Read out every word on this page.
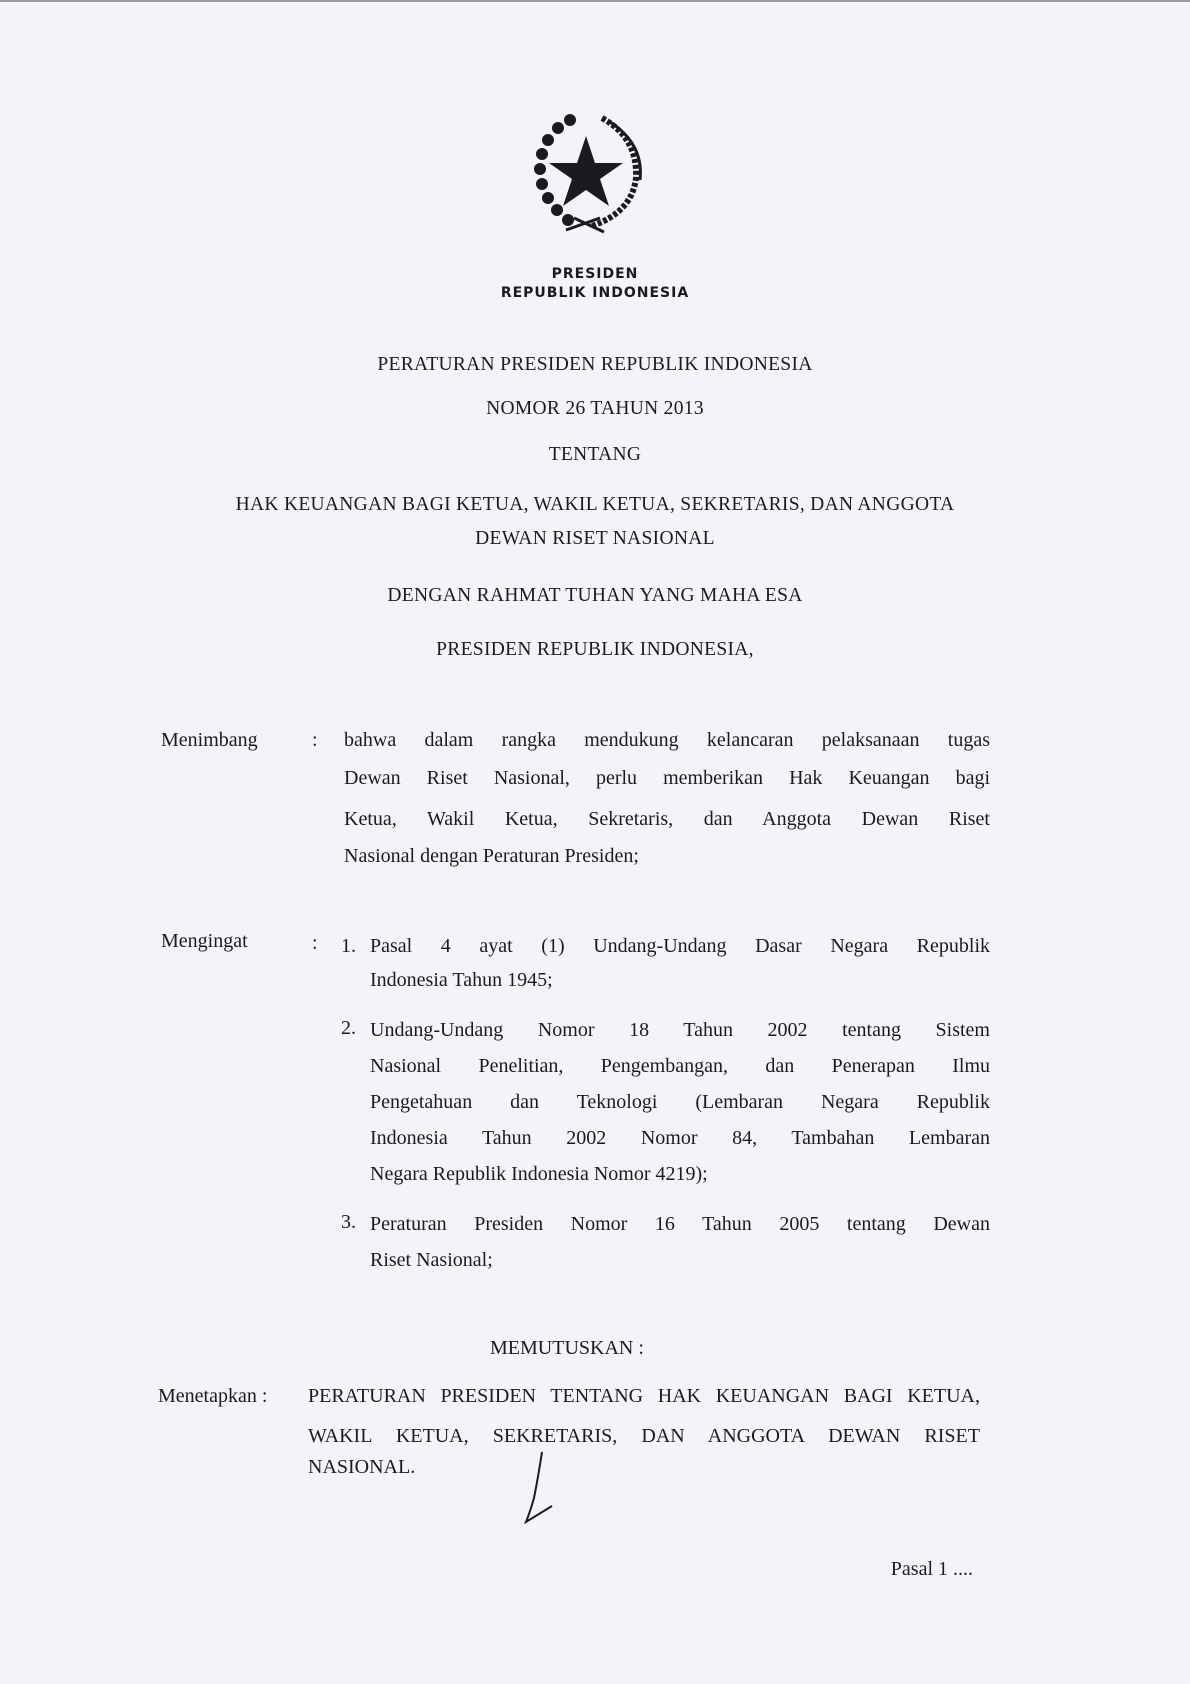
PRESIDEN
REPUBLIK INDONESIA
PERATURAN PRESIDEN REPUBLIK INDONESIA
NOMOR 26 TAHUN 2013
TENTANG
HAK KEUANGAN BAGI KETUA, WAKIL KETUA, SEKRETARIS, DAN ANGGOTA
DEWAN RISET NASIONAL
DENGAN RAHMAT TUHAN YANG MAHA ESA
PRESIDEN REPUBLIK INDONESIA,
Menimbang	: bahwa dalam rangka mendukung kelancaran pelaksanaan tugas
Dewan Riset Nasional, perlu memberikan Hak Keuangan bagi
Ketua, Wakil Ketua, Sekretaris, dan Anggota Dewan Riset
Nasional dengan Peraturan Presiden;
Mengingat	: 1. Pasal 4 ayat (1) Undang-Undang Dasar Negara Republik
Indonesia Tahun 1945;
2. Undang-Undang Nomor 18 Tahun 2002 tentang Sistem
Nasional Penelitian, Pengembangan, dan Penerapan Ilmu
Pengetahuan dan Teknologi (Lembaran Negara Republik
Indonesia Tahun 2002 Nomor 84, Tambahan Lembaran
Negara Republik Indonesia Nomor 4219);
3. Peraturan Presiden Nomor 16 Tahun 2005 tentang Dewan
Riset Nasional;
MEMUTUSKAN :
Menetapkan : PERATURAN PRESIDEN TENTANG HAK KEUANGAN BAGI KETUA,
WAKIL KETUA, SEKRETARIS, DAN ANGGOTA DEWAN RISET
NASIONAL.
Pasal 1 ....
